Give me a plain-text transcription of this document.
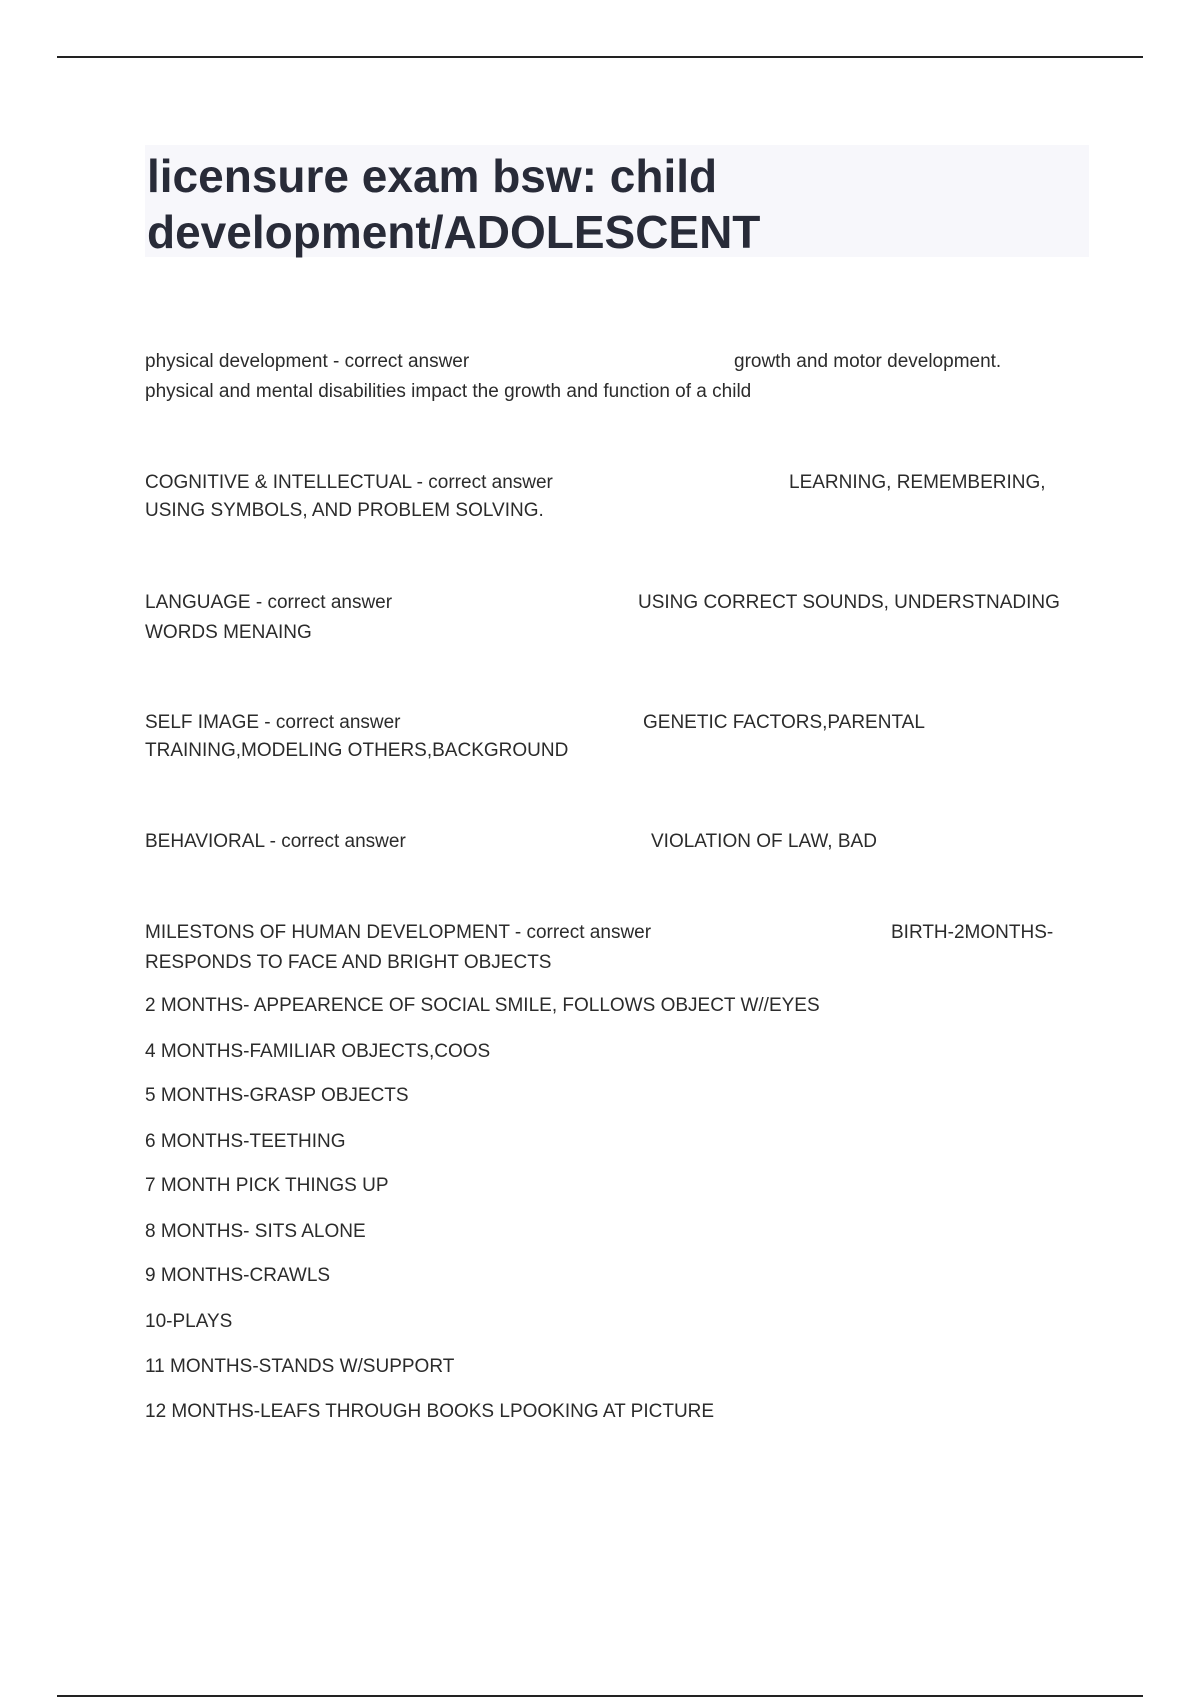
licensure exam bsw: child
development/ADOLESCENT
physical development - correct answer	growth and motor development.
physical and mental disabilities impact the growth and function of a child
COGNITIVE & INTELLECTUAL - correct answer	LEARNING, REMEMBERING,
USING SYMBOLS, AND PROBLEM SOLVING.
LANGUAGE - correct answer	USING CORRECT SOUNDS, UNDERSTNADING
WORDS MENAING
SELF IMAGE - correct answer	GENETIC FACTORS,PARENTAL
TRAINING,MODELING OTHERS,BACKGROUND
BEHAVIORAL - correct answer	VIOLATION OF LAW, BAD
MILESTONS OF HUMAN DEVELOPMENT - correct answer	BIRTH-2MONTHS-
RESPONDS TO FACE AND BRIGHT OBJECTS
2 MONTHS- APPEARENCE OF SOCIAL SMILE, FOLLOWS OBJECT W//EYES
4 MONTHS-FAMILIAR OBJECTS,COOS
5 MONTHS-GRASP OBJECTS
6 MONTHS-TEETHING
7 MONTH PICK THINGS UP
8 MONTHS- SITS ALONE
9 MONTHS-CRAWLS
10-PLAYS
11 MONTHS-STANDS W/SUPPORT
12 MONTHS-LEAFS THROUGH BOOKS LPOOKING AT PICTURE
